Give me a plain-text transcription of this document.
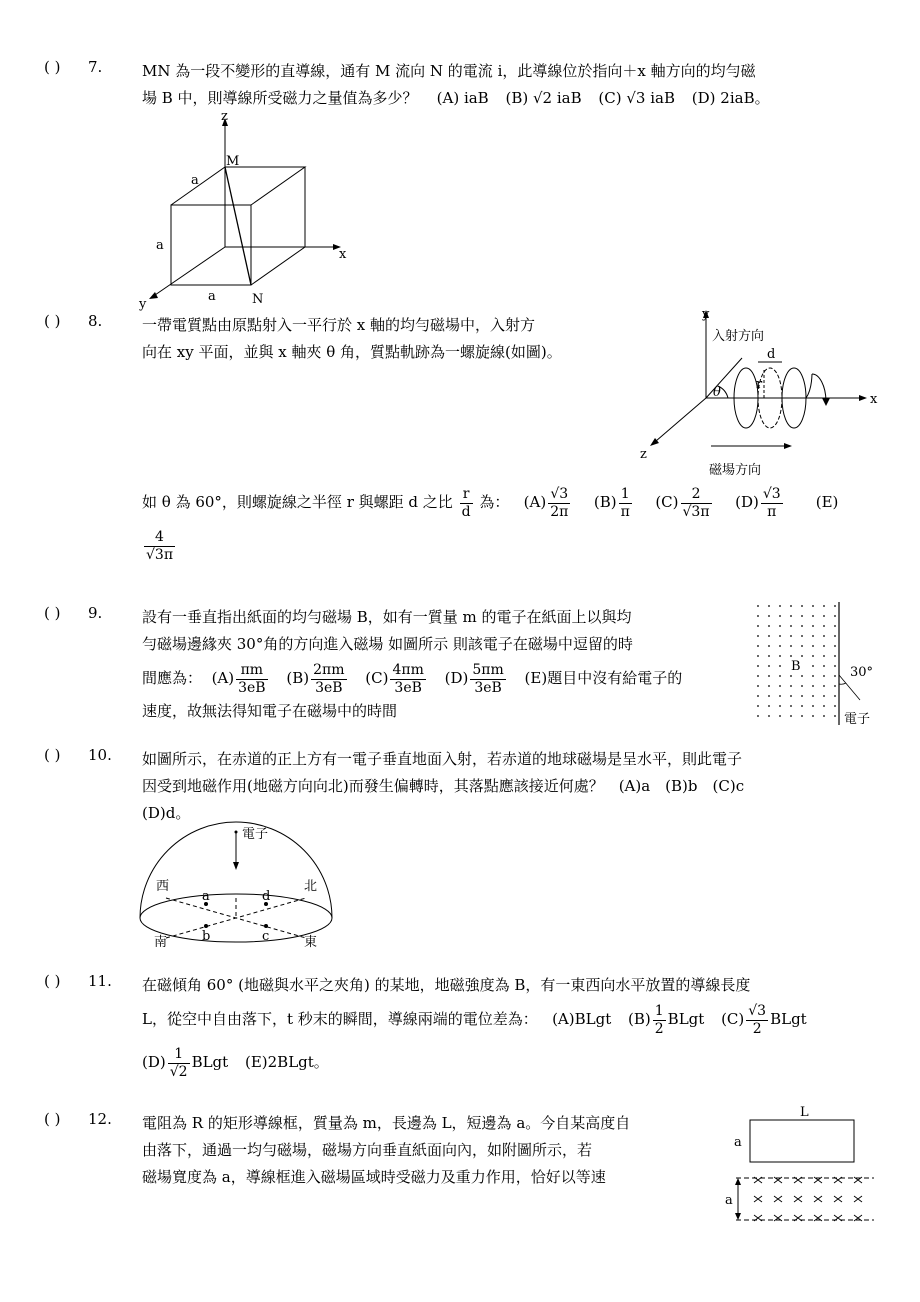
( ) 7.	MN 為一段不變形的直導線，通有 M 流向 N 的電流 i，此導線位於指向＋x 軸方向的均勻磁
場 B 中，則導線所受磁力之量值為多少？ (A) iaB (B) √2 iaB (C) √3 iaB (D) 2iaB。
z
x
y
M
N
a
a
a
( ) 8.	一帶電質點由原點射入一平行於 x 軸的均勻磁場中，入射方
向在 xy 平面，並與 x 軸夾 θ 角，質點軌跡為一螺旋線(如圖)。
y
x
z
入射方向
磁場方向
θ
d
r
如 θ 為 60°，則螺旋線之半徑 r 與螺距 d 之比 $\frac{r}{d}$ 為： $(A) \frac{√3}{2\pi} (B) \frac{1}{\pi} (C) \frac{2}{√3\pi} (D) \frac{√3}{\pi} (E)$
$\frac{4}{√3\pi}$
( ) 9.	設有一垂直指出紙面的均勻磁場 B，如有一質量 m 的電子在紙面上以與均
勻磁場邊緣夾 30°角的方向進入磁場 如圖所示 則該電子在磁場中逗留的時
間應為： $(A) \frac{\pi m}{3eB} (B) \frac{2\pi m}{3eB} (C) \frac{4\pi m}{3eB} (D) \frac{5\pi m}{3eB} (E)$題目中沒有給電子的
速度，故無法得知電子在磁場中的時間
B	30°
電子
( ) 10. 如圖所示，在赤道的正上方有一電子垂直地面入射，若赤道的地球磁場是呈水平，則此電子
因受到地磁作用(地磁方向向北)而發生偏轉時，其落點應該接近何處？　(A)a　(B)b　(C)c
(D)d。
電子
西	北
南	東
a	d
b	c
( ) 11. 在磁傾角 60° (地磁與水平之夾角) 的某地，地磁強度為 B，有一東西向水平放置的導線長度
L，從空中自由落下，t 秒末的瞬間，導線兩端的電位差為： (A)BLgt $(B) \frac{1}{2}$ BLgt $(C) \frac{√3}{2}$ BLgt
$(D) \frac{1}{√2}$ BLgt (E)2BLgt。
( ) 12. 電阻為 R 的矩形導線框，質量為 m，長邊為 L，短邊為 a。今自某高度自
由落下，通過一均勻磁場，磁場方向垂直紙面向內，如附圖所示，若
磁場寬度為 a，導線框進入磁場區域時受磁力及重力作用，恰好以等速
L
a
a
